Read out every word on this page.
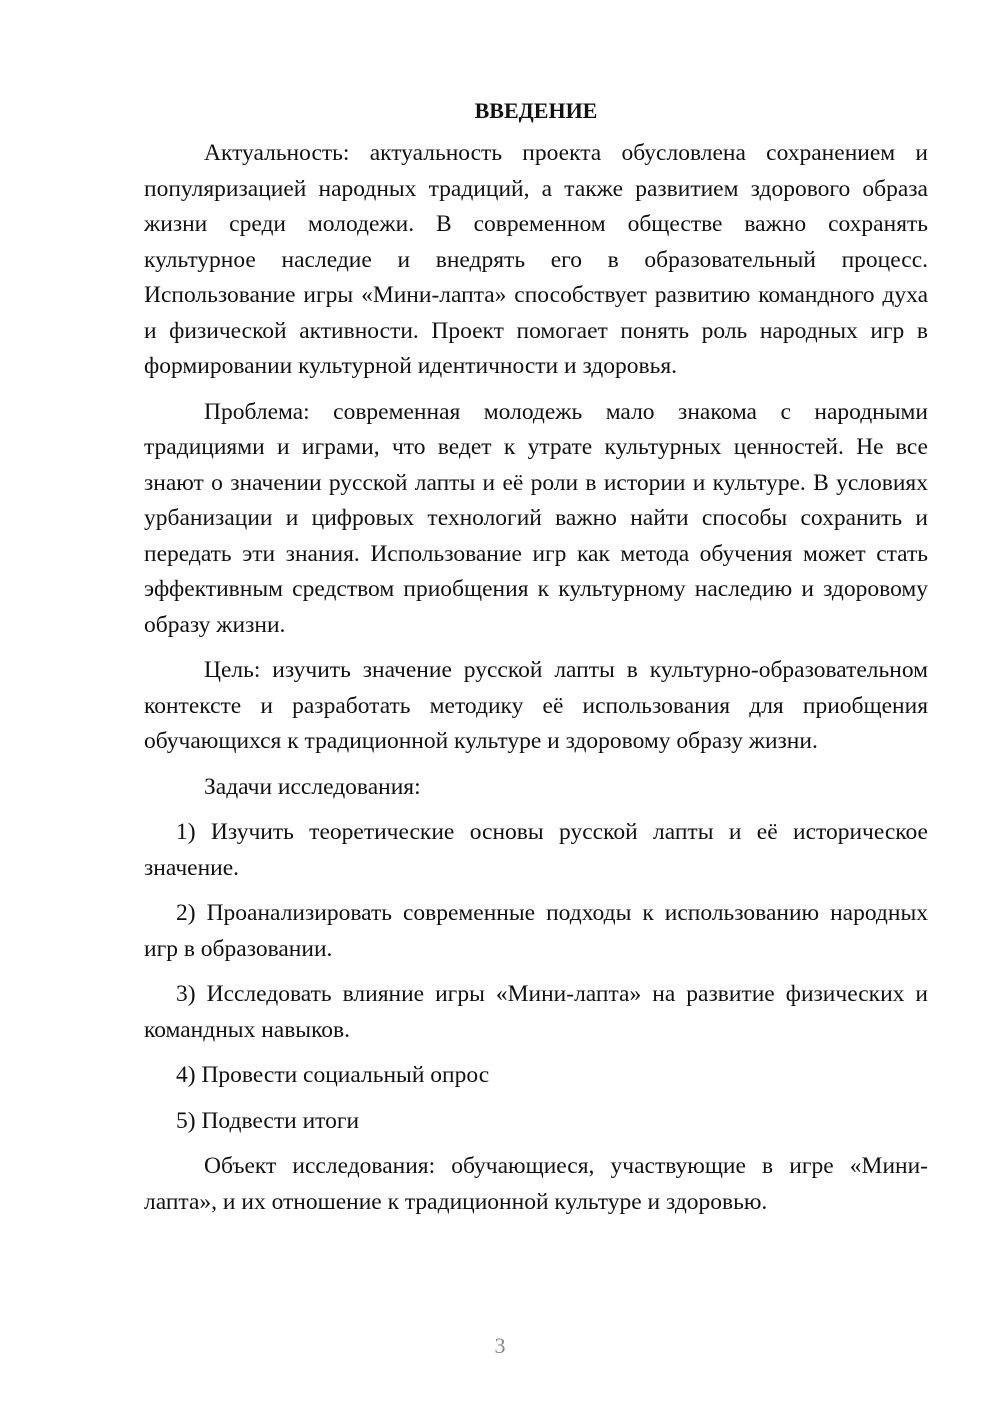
ВВЕДЕНИЕ

Актуальность: актуальность проекта обусловлена сохранением и популяризацией народных традиций, а также развитием здорового образа жизни среди молодежи. В современном обществе важно сохранять культурное наследие и внедрять его в образовательный процесс. Использование игры «Мини-лапта» способствует развитию командного духа и физической активности. Проект помогает понять роль народных игр в формировании культурной идентичности и здоровья.

Проблема: современная молодежь мало знакома с народными традициями и играми, что ведет к утрате культурных ценностей. Не все знают о значении русской лапты и её роли в истории и культуре. В условиях урбанизации и цифровых технологий важно найти способы сохранить и передать эти знания. Использование игр как метода обучения может стать эффективным средством приобщения к культурному наследию и здоровому образу жизни.

Цель: изучить значение русской лапты в культурно-образовательном контексте и разработать методику её использования для приобщения обучающихся к традиционной культуре и здоровому образу жизни.

Задачи исследования:

1) Изучить теоретические основы русской лапты и её историческое значение.

2) Проанализировать современные подходы к использованию народных игр в образовании.

3) Исследовать влияние игры «Мини-лапта» на развитие физических и командных навыков.

4) Провести социальный опрос

5) Подвести итоги

Объект исследования: обучающиеся, участвующие в игре «Мини-лапта», и их отношение к традиционной культуре и здоровью.

3
